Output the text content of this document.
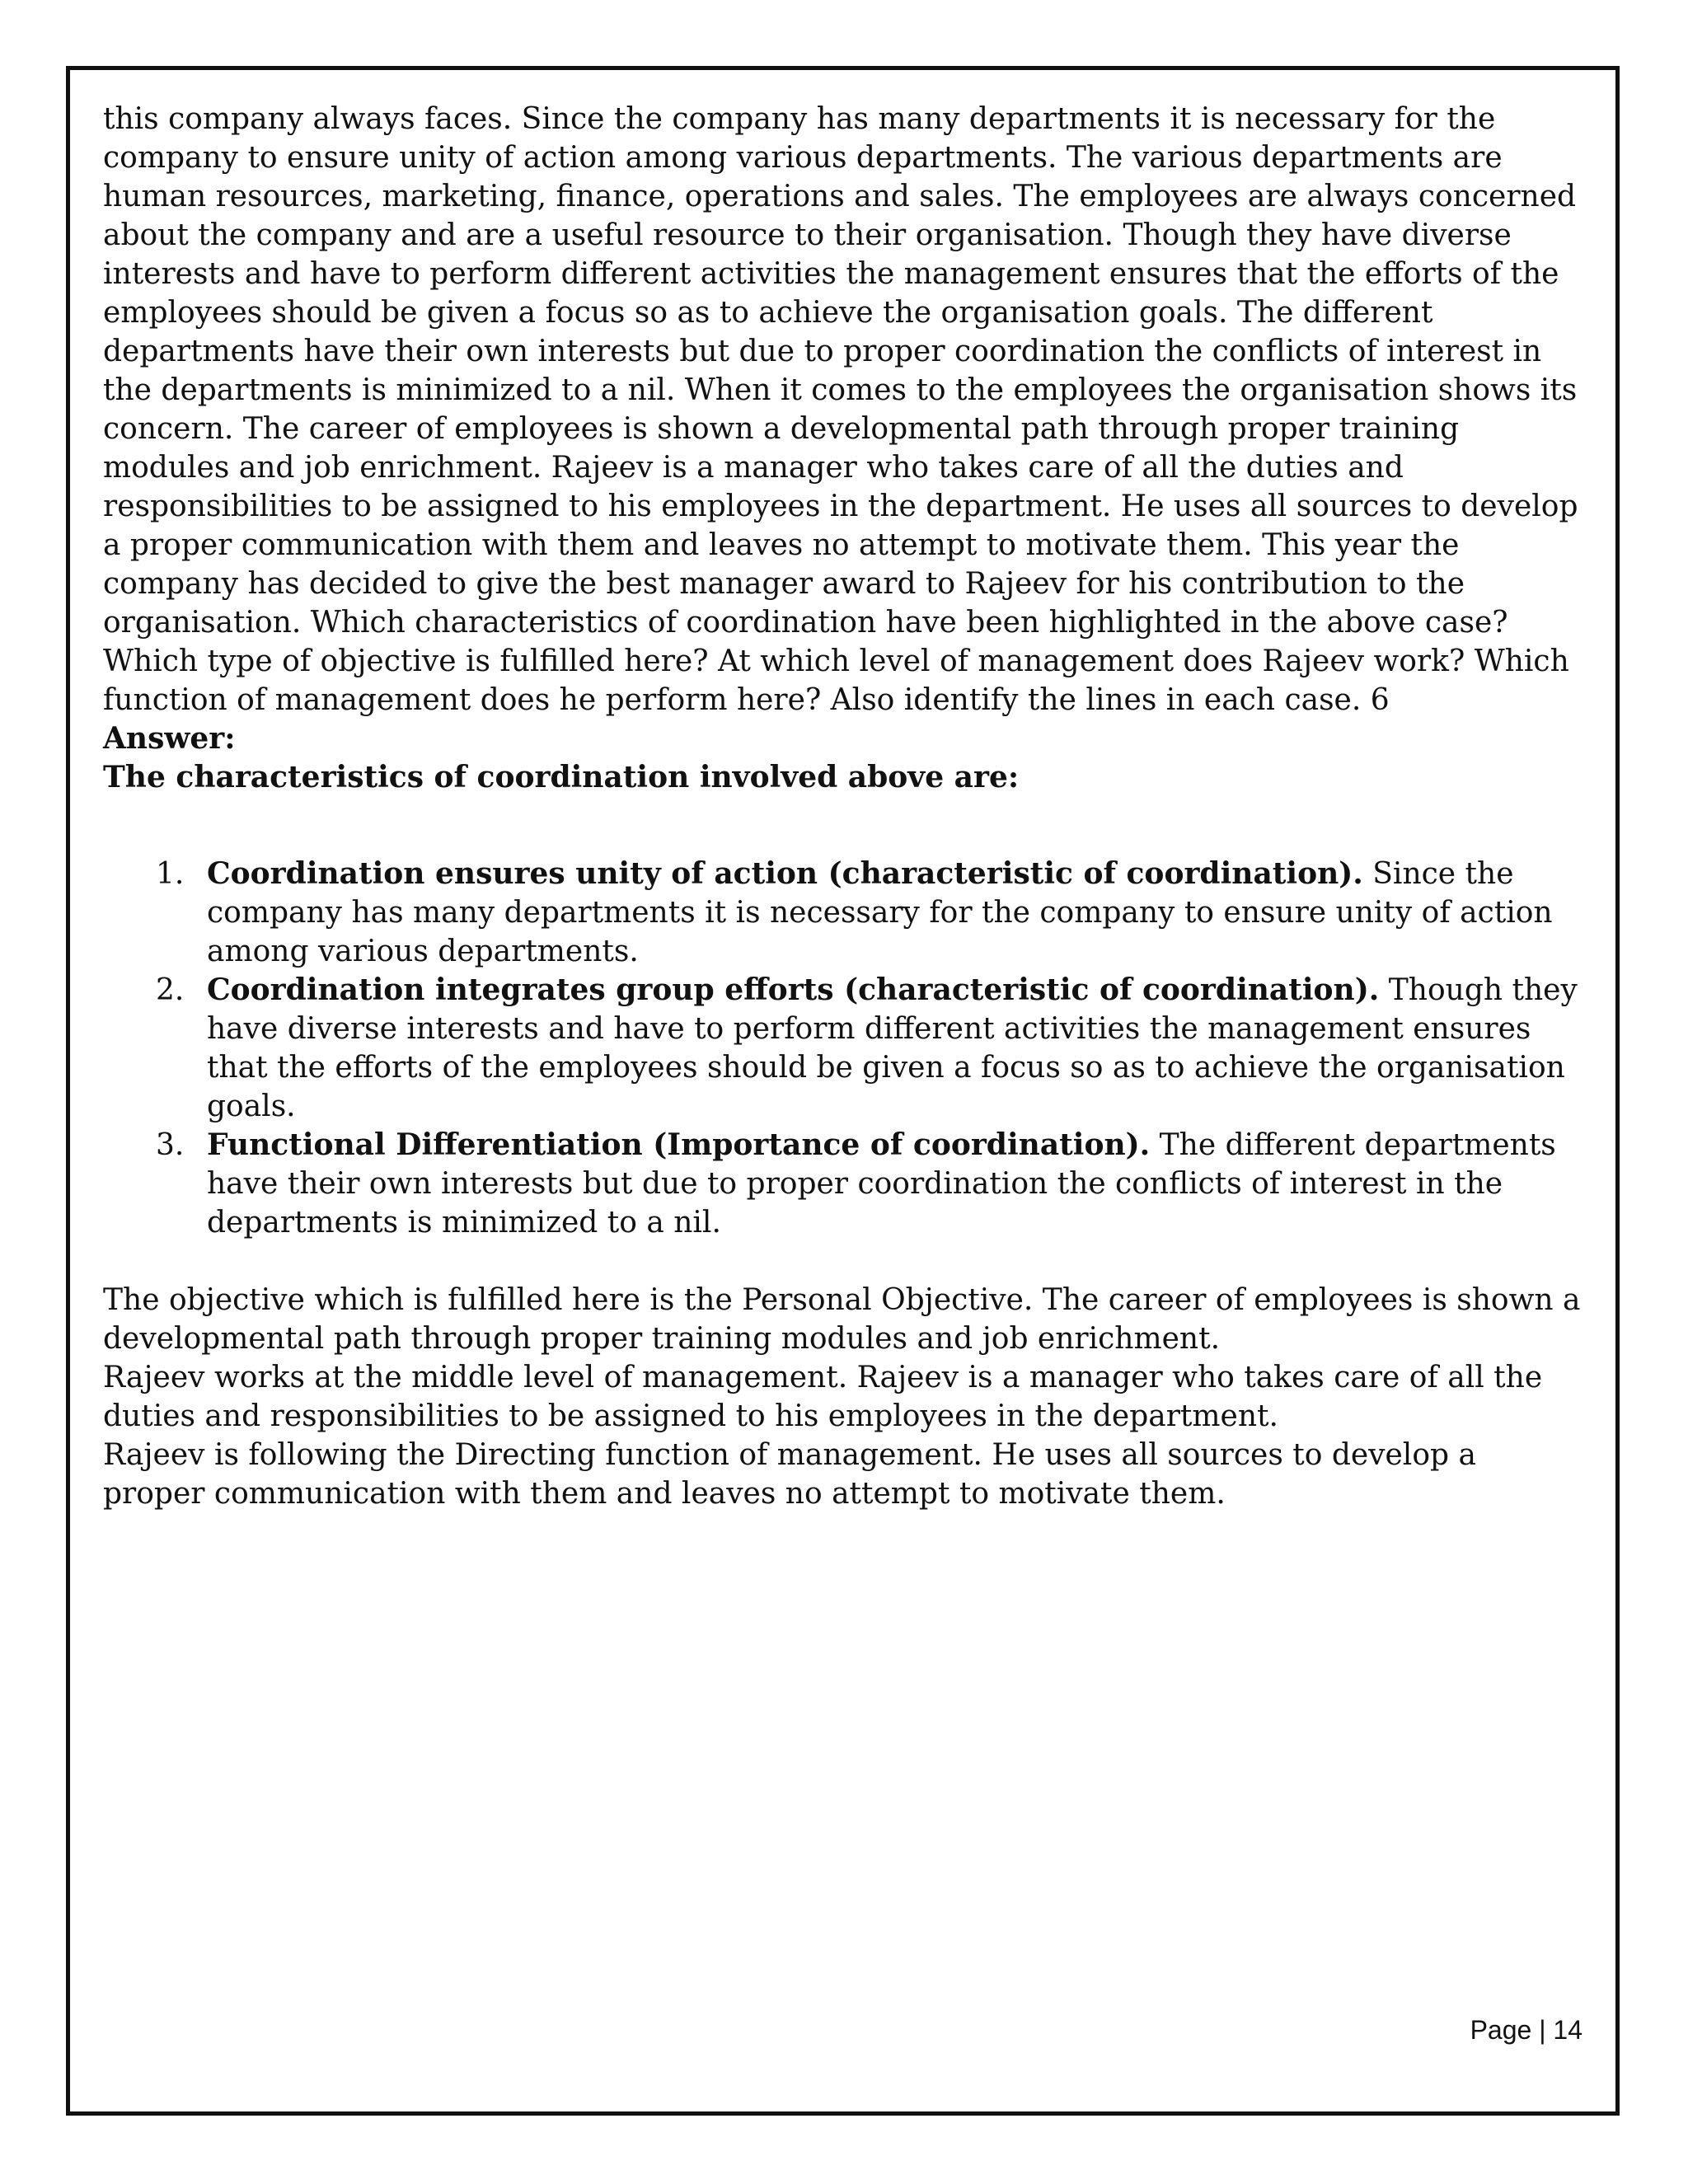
this company always faces. Since the company has many departments it is necessary for the company to ensure unity of action among various departments. The various departments are human resources, marketing, finance, operations and sales. The employees are always concerned about the company and are a useful resource to their organisation. Though they have diverse interests and have to perform different activities the management ensures that the efforts of the employees should be given a focus so as to achieve the organisation goals. The different departments have their own interests but due to proper coordination the conflicts of interest in the departments is minimized to a nil. When it comes to the employees the organisation shows its concern. The career of employees is shown a developmental path through proper training modules and job enrichment. Rajeev is a manager who takes care of all the duties and responsibilities to be assigned to his employees in the department. He uses all sources to develop a proper communication with them and leaves no attempt to motivate them. This year the company has decided to give the best manager award to Rajeev for his contribution to the organisation. Which characteristics of coordination have been highlighted in the above case? Which type of objective is fulfilled here? At which level of management does Rajeev work? Which function of management does he perform here? Also identify the lines in each case. 6

Answer:

The characteristics of coordination involved above are:

1. Coordination ensures unity of action (characteristic of coordination). Since the company has many departments it is necessary for the company to ensure unity of action among various departments.
2. Coordination integrates group efforts (characteristic of coordination). Though they have diverse interests and have to perform different activities the management ensures that the efforts of the employees should be given a focus so as to achieve the organisation goals.
3. Functional Differentiation (Importance of coordination). The different departments have their own interests but due to proper coordination the conflicts of interest in the departments is minimized to a nil.

The objective which is fulfilled here is the Personal Objective. The career of employees is shown a developmental path through proper training modules and job enrichment.

Rajeev works at the middle level of management. Rajeev is a manager who takes care of all the duties and responsibilities to be assigned to his employees in the department.

Rajeev is following the Directing function of management. He uses all sources to develop a proper communication with them and leaves no attempt to motivate them.

Page | 14
